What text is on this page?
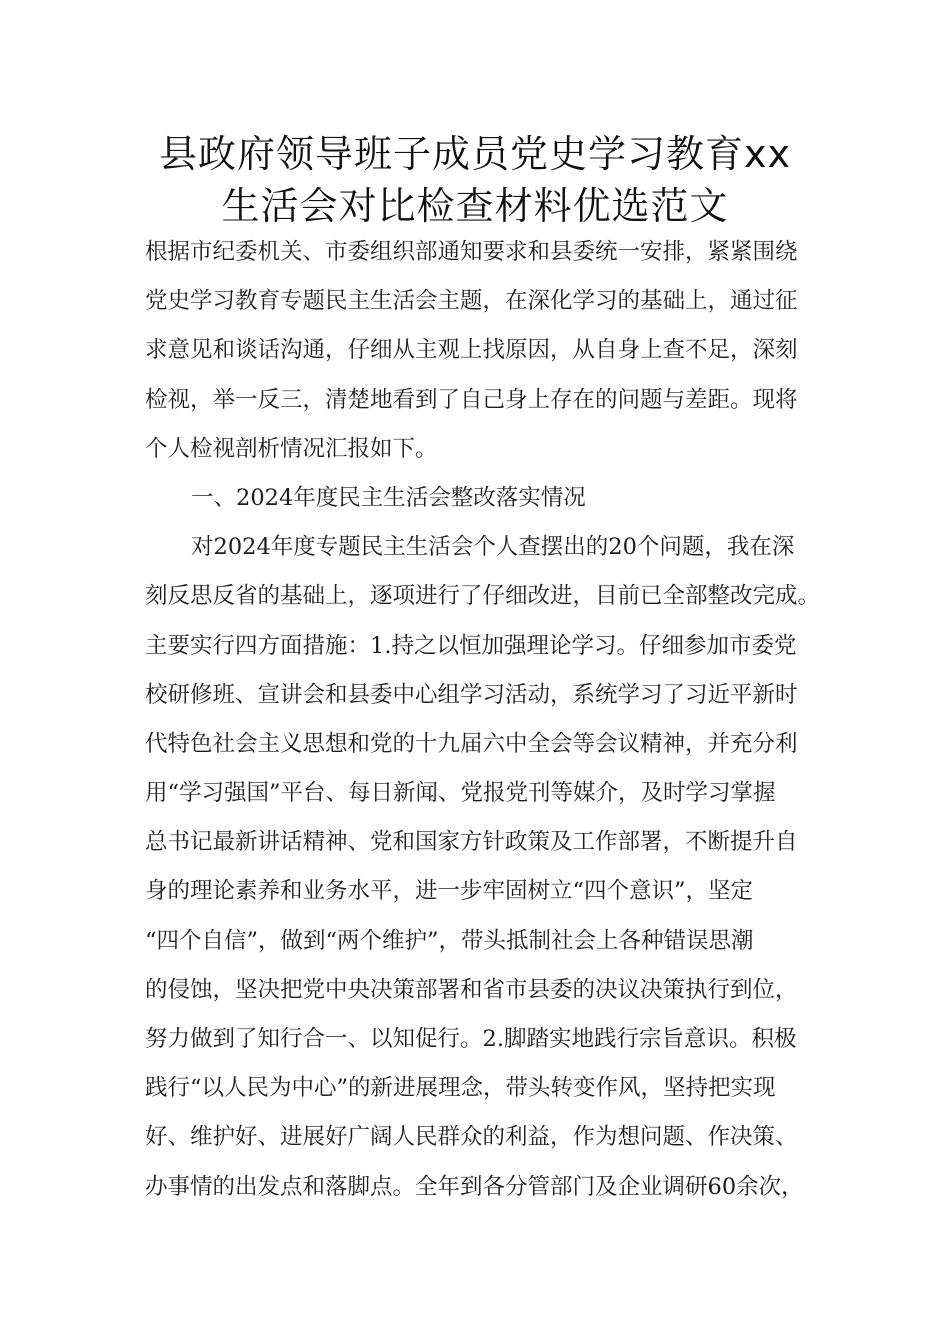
县政府领导班子成员党史学习教育xx
生活会对比检查材料优选范文
根据市纪委机关、市委组织部通知要求和县委统一安排，紧紧围绕
党史学习教育专题民主生活会主题，在深化学习的基础上，通过征
求意见和谈话沟通，仔细从主观上找原因，从自身上查不足，深刻
检视，举一反三，清楚地看到了自己身上存在的问题与差距。现将
个人检视剖析情况汇报如下。
一、2024年度民主生活会整改落实情况
对2024年度专题民主生活会个人查摆出的20个问题，我在深
刻反思反省的基础上，逐项进行了仔细改进，目前已全部整改完成。
主要实行四方面措施：1.持之以恒加强理论学习。仔细参加市委党
校研修班、宣讲会和县委中心组学习活动，系统学习了习近平新时
代特色社会主义思想和党的十九届六中全会等会议精神，并充分利
用“学习强国”平台、每日新闻、党报党刊等媒介，及时学习掌握
总书记最新讲话精神、党和国家方针政策及工作部署，不断提升自
身的理论素养和业务水平，进一步牢固树立“四个意识”，坚定
“四个自信”，做到“两个维护”，带头抵制社会上各种错误思潮
的侵蚀，坚决把党中央决策部署和省市县委的决议决策执行到位，
努力做到了知行合一、以知促行。2.脚踏实地践行宗旨意识。积极
践行“以人民为中心”的新进展理念，带头转变作风，坚持把实现
好、维护好、进展好广阔人民群众的利益，作为想问题、作决策、
办事情的出发点和落脚点。全年到各分管部门及企业调研60余次，
